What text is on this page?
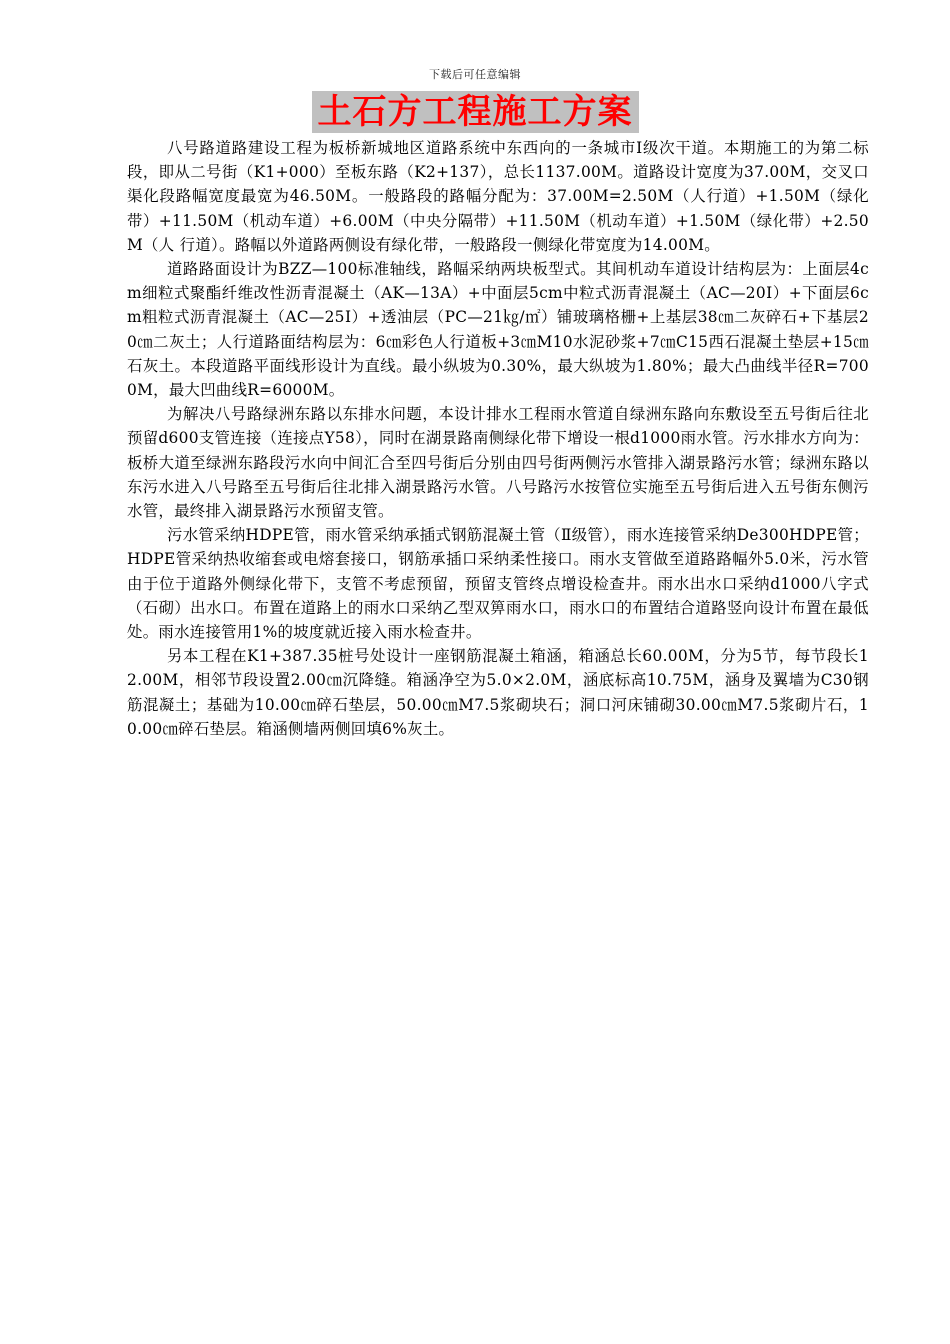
下载后可任意编辑
土石方工程施工方案

八号路道路建设工程为板桥新城地区道路系统中东西向的一条城市Ⅰ级次干道。本期施工的为第二标段，即从二号街（K1+000）至板东路（K2+137），总长1137.00M。道路设计宽度为37.00M，交叉口渠化段路幅宽度最宽为46.50M。一般路段的路幅分配为：37.00M=2.50M（人行道）+1.50M（绿化带）+11.50M（机动车道）+6.00M（中央分隔带）+11.50M（机动车道）+1.50M（绿化带）+2.50M（人 行道）。路幅以外道路两侧设有绿化带，一般路段一侧绿化带宽度为14.00M。

道路路面设计为BZZ—100标准轴线，路幅采纳两块板型式。其间机动车道设计结构层为：上面层4cm细粒式聚酯纤维改性沥青混凝土（AK—13A）+中面层5cm中粒式沥青混凝土（AC—20Ⅰ）+下面层6cm粗粒式沥青混凝土（AC—25Ⅰ）+透油层（PC—21㎏/㎡）铺玻璃格栅+上基层38㎝二灰碎石+下基层20㎝二灰土；人行道路面结构层为：6㎝彩色人行道板+3㎝M10水泥砂浆+7㎝C15西石混凝土垫层+15㎝石灰土。本段道路平面线形设计为直线。最小纵坡为0.30%，最大纵坡为1.80%；最大凸曲线半径R=7000M，最大凹曲线R=6000M。

为解决八号路绿洲东路以东排水问题，本设计排水工程雨水管道自绿洲东路向东敷设至五号街后往北预留d600支管连接（连接点Y58），同时在湖景路南侧绿化带下增设一根d1000雨水管。污水排水方向为：板桥大道至绿洲东路段污水向中间汇合至四号街后分别由四号街两侧污水管排入湖景路污水管；绿洲东路以东污水进入八号路至五号街后往北排入湖景路污水管。八号路污水按管位实施至五号街后进入五号街东侧污水管，最终排入湖景路污水预留支管。

污水管采纳HDPE管，雨水管采纳承插式钢筋混凝土管（Ⅱ级管），雨水连接管采纳De300HDPE管；HDPE管采纳热收缩套或电熔套接口，钢筋承插口采纳柔性接口。雨水支管做至道路路幅外5.0米，污水管由于位于道路外侧绿化带下，支管不考虑预留，预留支管终点增设检查井。雨水出水口采纳d1000八字式（石砌）出水口。布置在道路上的雨水口采纳乙型双箅雨水口，雨水口的布置结合道路竖向设计布置在最低处。雨水连接管用1%的坡度就近接入雨水检查井。

另本工程在K1+387.35桩号处设计一座钢筋混凝土箱涵，箱涵总长60.00M，分为5节，每节段长12.00M，相邻节段设置2.00㎝沉降缝。箱涵净空为5.0×2.0M，涵底标高10.75M，涵身及翼墙为C30钢筋混凝土；基础为10.00㎝碎石垫层，50.00㎝M7.5浆砌块石；洞口河床铺砌30.00㎝M7.5浆砌片石，10.00㎝碎石垫层。箱涵侧墙两侧回填6%灰土。
